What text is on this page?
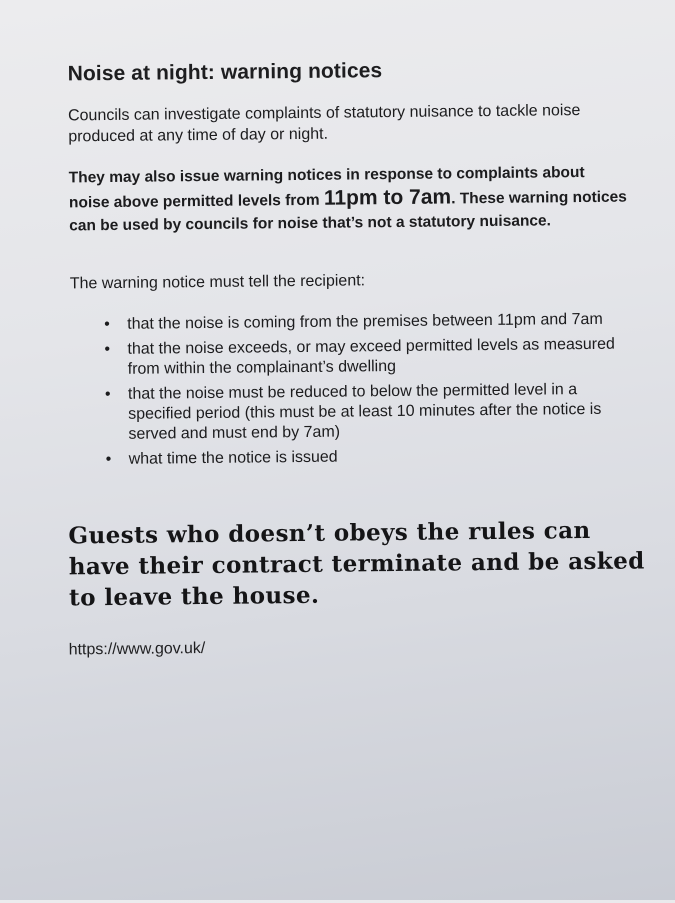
Noise at night: warning notices

Councils can investigate complaints of statutory nuisance to tackle noise produced at any time of day or night.

They may also issue warning notices in response to complaints about noise above permitted levels from 11pm to 7am. These warning notices can be used by councils for noise that’s not a statutory nuisance.

The warning notice must tell the recipient:

• that the noise is coming from the premises between 11pm and 7am
• that the noise exceeds, or may exceed permitted levels as measured from within the complainant’s dwelling
• that the noise must be reduced to below the permitted level in a specified period (this must be at least 10 minutes after the notice is served and must end by 7am)
• what time the notice is issued

Guests who doesn’t obeys the rules can have their contract terminate and be asked to leave the house.

https://www.gov.uk/
